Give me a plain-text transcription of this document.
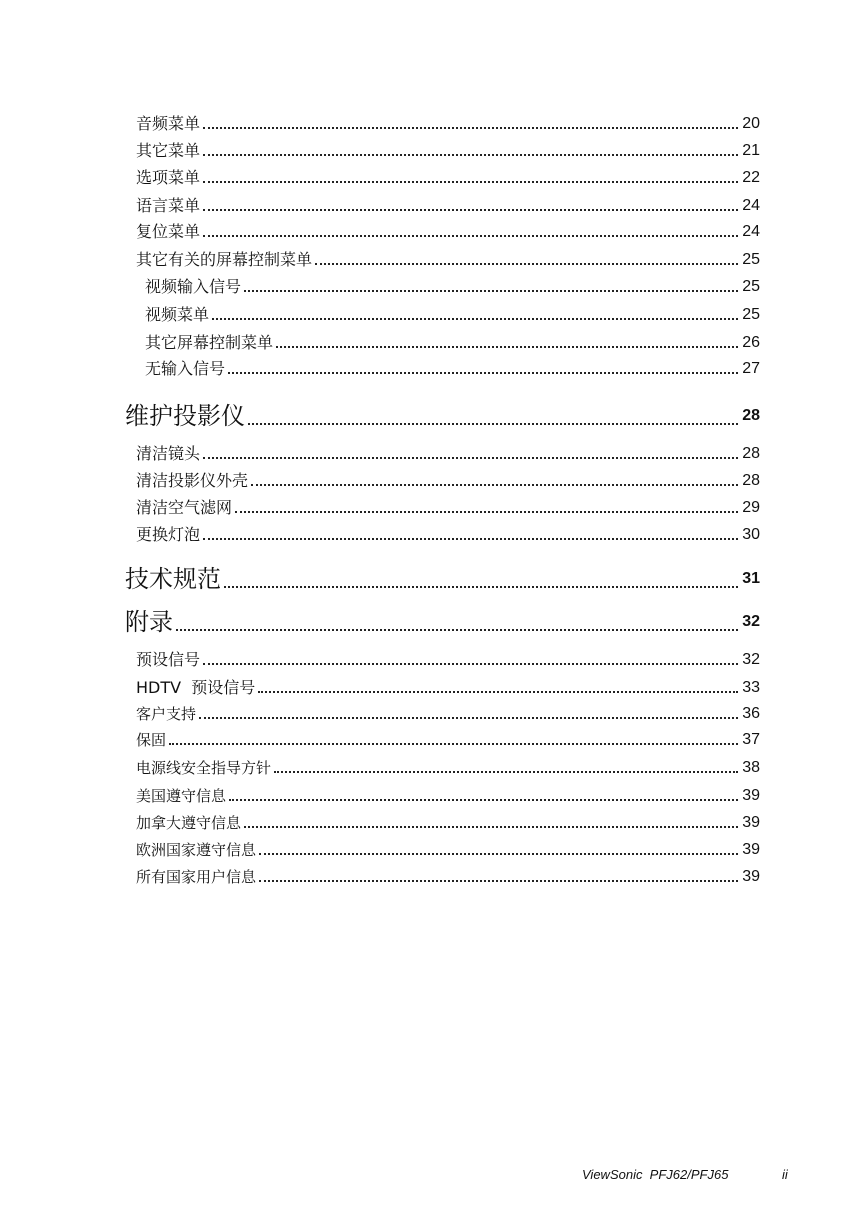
音频菜单	20
其它菜单	21
选项菜单	22
语言菜单	24
复位菜单	24
其它有关的屏幕控制菜单	25
视频输入信号	25
视频菜单	25
其它屏幕控制菜单	26
无输入信号	27
维护投影仪	28
清洁镜头	28
清洁投影仪外壳	28
清洁空气滤网	29
更换灯泡	30
技术规范	31
附录	32
预设信号	32
HDTV  预设信号	33
客户支持	36
保固	37
电源线安全指导方针	38
美国遵守信息	39
加拿大遵守信息	39
欧洲国家遵守信息	39
所有国家用户信息	39
ViewSonic  PFJ62/PFJ65	ii
